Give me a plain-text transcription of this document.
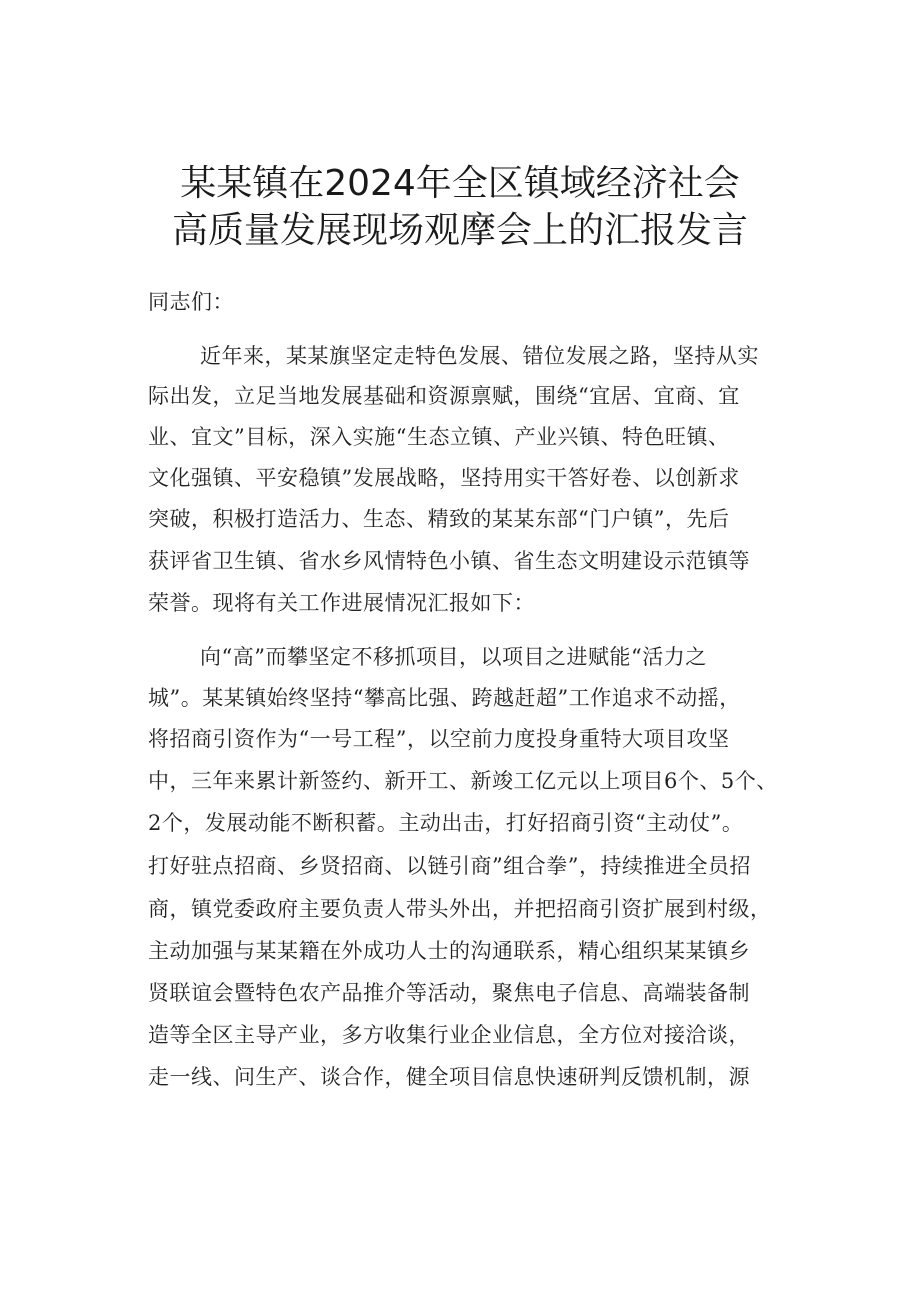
某某镇在2024年全区镇域经济社会
高质量发展现场观摩会上的汇报发言
同志们：
近年来，某某旗坚定走特色发展、错位发展之路，坚持从实
际出发，立足当地发展基础和资源禀赋，围绕“宜居、宜商、宜
业、宜文”目标，深入实施“生态立镇、产业兴镇、特色旺镇、
文化强镇、平安稳镇”发展战略，坚持用实干答好卷、以创新求
突破，积极打造活力、生态、精致的某某东部“门户镇”，先后
获评省卫生镇、省水乡风情特色小镇、省生态文明建设示范镇等
荣誉。现将有关工作进展情况汇报如下：
向“高”而攀坚定不移抓项目，以项目之进赋能“活力之
城”。某某镇始终坚持“攀高比强、跨越赶超”工作追求不动摇，
将招商引资作为“一号工程”，以空前力度投身重特大项目攻坚
中，三年来累计新签约、新开工、新竣工亿元以上项目6个、5个、
2个，发展动能不断积蓄。主动出击，打好招商引资“主动仗”。
打好驻点招商、乡贤招商、以链引商”组合拳”，持续推进全员招
商，镇党委政府主要负责人带头外出，并把招商引资扩展到村级，
主动加强与某某籍在外成功人士的沟通联系，精心组织某某镇乡
贤联谊会暨特色农产品推介等活动，聚焦电子信息、高端装备制
造等全区主导产业，多方收集行业企业信息，全方位对接洽谈，
走一线、问生产、谈合作，健全项目信息快速研判反馈机制，源
